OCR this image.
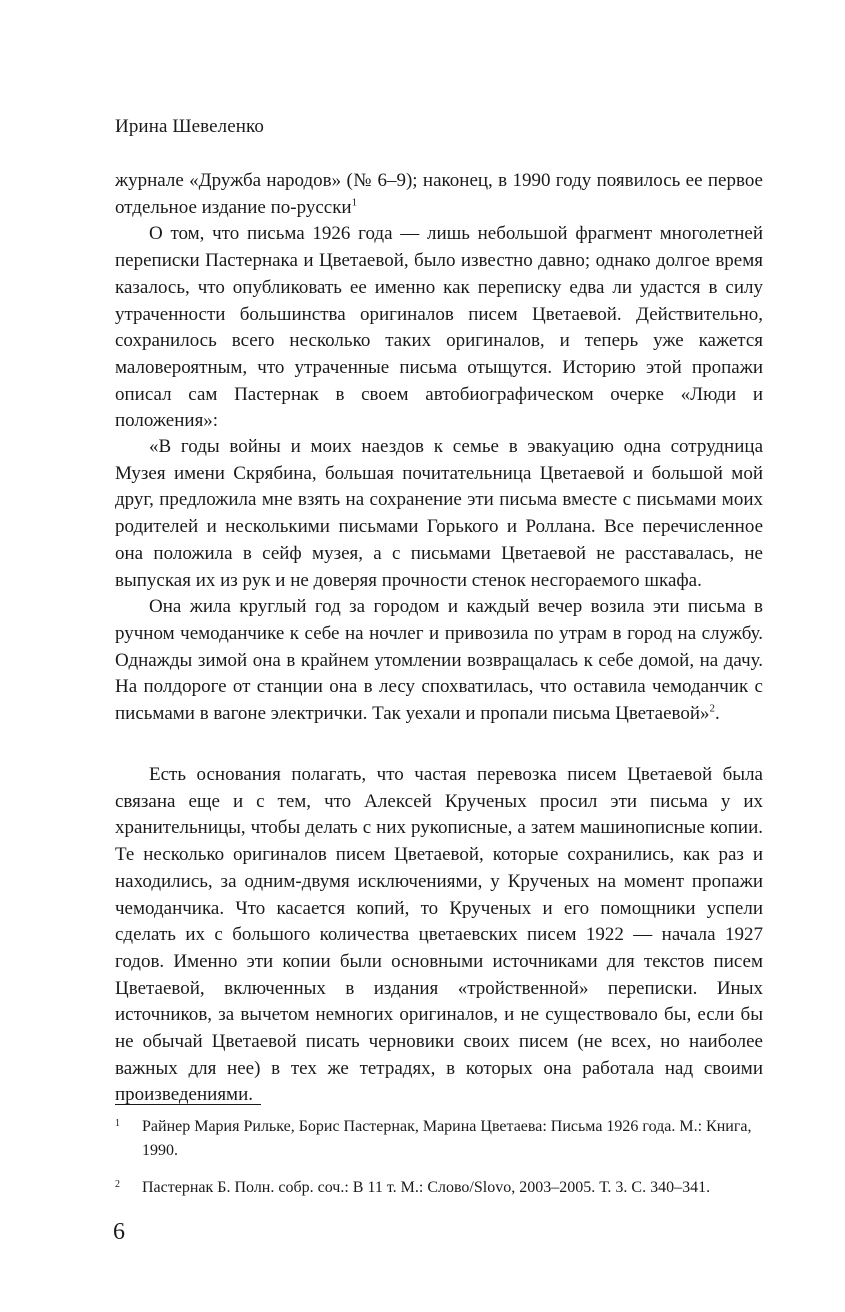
Ирина Шевеленко

журнале «Дружба народов» (№ 6–9); наконец, в 1990 году появилось ее первое отдельное издание по-русски$^1$

О том, что письма 1926 года — лишь небольшой фрагмент многолетней переписки Пастернака и Цветаевой, было известно давно; однако долгое время казалось, что опубликовать ее именно как переписку едва ли удастся в силу утраченности большинства оригиналов писем Цветаевой. Действительно, сохранилось всего несколько таких оригиналов, и теперь уже кажется маловероятным, что утраченные письма отыщутся. Историю этой пропажи описал сам Пастернак в своем автобиографическом очерке «Люди и положения»:

«В годы войны и моих наездов к семье в эвакуацию одна сотрудница Музея имени Скрябина, большая почитательница Цветаевой и большой мой друг, предложила мне взять на сохранение эти письма вместе с письмами моих родителей и несколькими письмами Горького и Роллана. Все перечисленное она положила в сейф музея, а с письмами Цветаевой не расставалась, не выпуская их из рук и не доверяя прочности стенок несгораемого шкафа.

Она жила круглый год за городом и каждый вечер возила эти письма в ручном чемоданчике к себе на ночлег и привозила по утрам в город на службу. Однажды зимой она в крайнем утомлении возвращалась к себе домой, на дачу. На полдороге от станции она в лесу спохватилась, что оставила чемоданчик с письмами в вагоне электрички. Так уехали и пропали письма Цветаевой»$^2$.

Есть основания полагать, что частая перевозка писем Цветаевой была связана еще и с тем, что Алексей Крученых просил эти письма у их хранительницы, чтобы делать с них рукописные, а затем машинописные копии. Те несколько оригиналов писем Цветаевой, которые сохранились, как раз и находились, за одним-двумя исключениями, у Крученых на момент пропажи чемоданчика. Что касается копий, то Крученых и его помощники успели сделать их с большого количества цветаевских писем 1922 — начала 1927 годов. Именно эти копии были основными источниками для текстов писем Цветаевой, включенных в издания «тройственной» переписки. Иных источников, за вычетом немногих оригиналов, и не существовало бы, если бы не обычай Цветаевой писать черновики своих писем (не всех, но наиболее важных для нее) в тех же тетрадях, в которых она работала над своими произведениями.

1	Райнер Мария Рильке, Борис Пастернак, Марина Цветаева: Письма 1926 года. М.: Книга, 1990.
2	Пастернак Б. Полн. собр. соч.: В 11 т. М.: Слово/Slovo, 2003–2005. Т. 3. С. 340–341.
6
